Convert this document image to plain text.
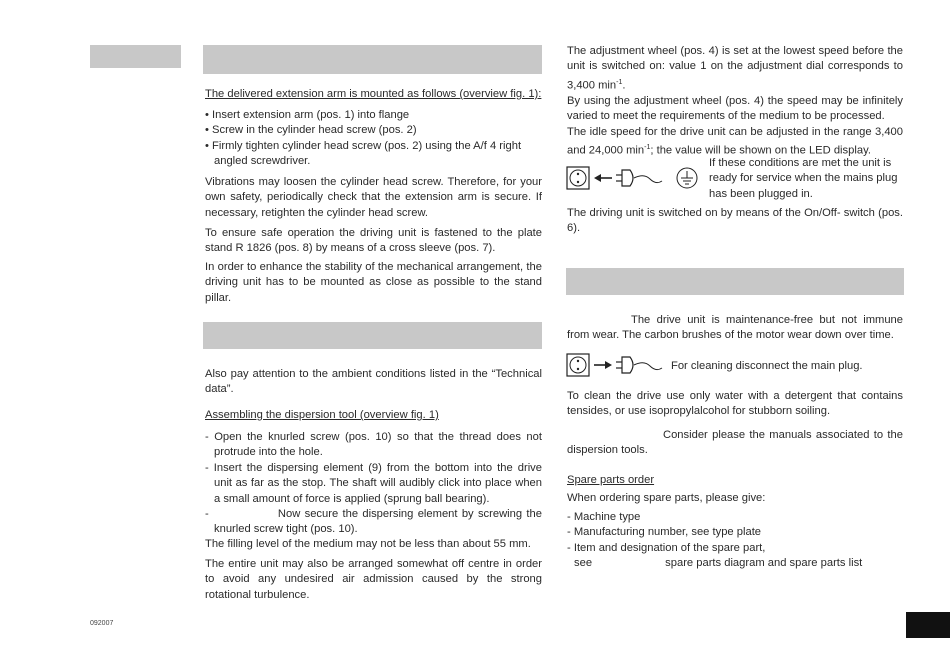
The delivered extension arm is mounted as follows (overview fig. 1):

• Insert extension arm (pos. 1) into flange

• Screw in the cylinder head screw (pos. 2)

• Firmly tighten cylinder head screw (pos. 2) using the A/f 4 right angled screwdriver.

Vibrations may loosen the cylinder head screw. Therefore, for your own safety, periodically check that the extension arm is secure. If necessary, retighten the cylinder head screw.

To ensure safe operation the driving unit is fastened to the plate stand R 1826 (pos. 8) by means of a cross sleeve (pos. 7).

In order to enhance the stability of the mechanical arrangement, the driving unit has to be mounted as close as possible to the stand pillar.

Also pay attention to the ambient conditions listed in the “Technical data”.

Assembling the dispersion tool (overview fig. 1)

- Open the knurled screw (pos. 10) so that the thread does not protrude into the hole.

- Insert the dispersing element (9) from the bottom into the drive unit as far as the stop. The shaft will audibly click into place when a small amount of force is applied (sprung ball bearing).

-                Now secure the dispersing element by screwing the knurled screw tight (pos. 10).

The filling level of the medium may not be less than about 55 mm.

The entire unit may also be arranged somewhat off centre in order to avoid any undesired air admission caused by the strong rotational turbulence.

092007

The adjustment wheel (pos. 4) is set at the lowest speed before the unit is switched on: value 1 on the adjustment dial corresponds to 3,400 $\min^{-1}$.

By using the adjustment wheel (pos. 4) the speed may be infinitely varied to meet the requirements of the medium to be processed.

The idle speed for the drive unit can be adjusted in the range 3,400 and 24,000 $\min^{-1}$; the value will be shown on the LED display.

If these conditions are met the unit is ready for service when the mains plug has been plugged in.

The driving unit is switched on by means of the On/Off- switch (pos. 6).

The drive unit is maintenance-free but not immune from wear. The carbon brushes of the motor wear down over time.

For cleaning disconnect the main plug.

To clean the drive use only water with a detergent that contains tensides, or use isopropylalcohol for stubborn soiling.

Consider please the manuals associated to the dispersion tools.

Spare parts order

When ordering spare parts, please give:

- Machine type

- Manufacturing number, see type plate

- Item and designation of the spare part,

see	spare parts diagram and spare parts list
